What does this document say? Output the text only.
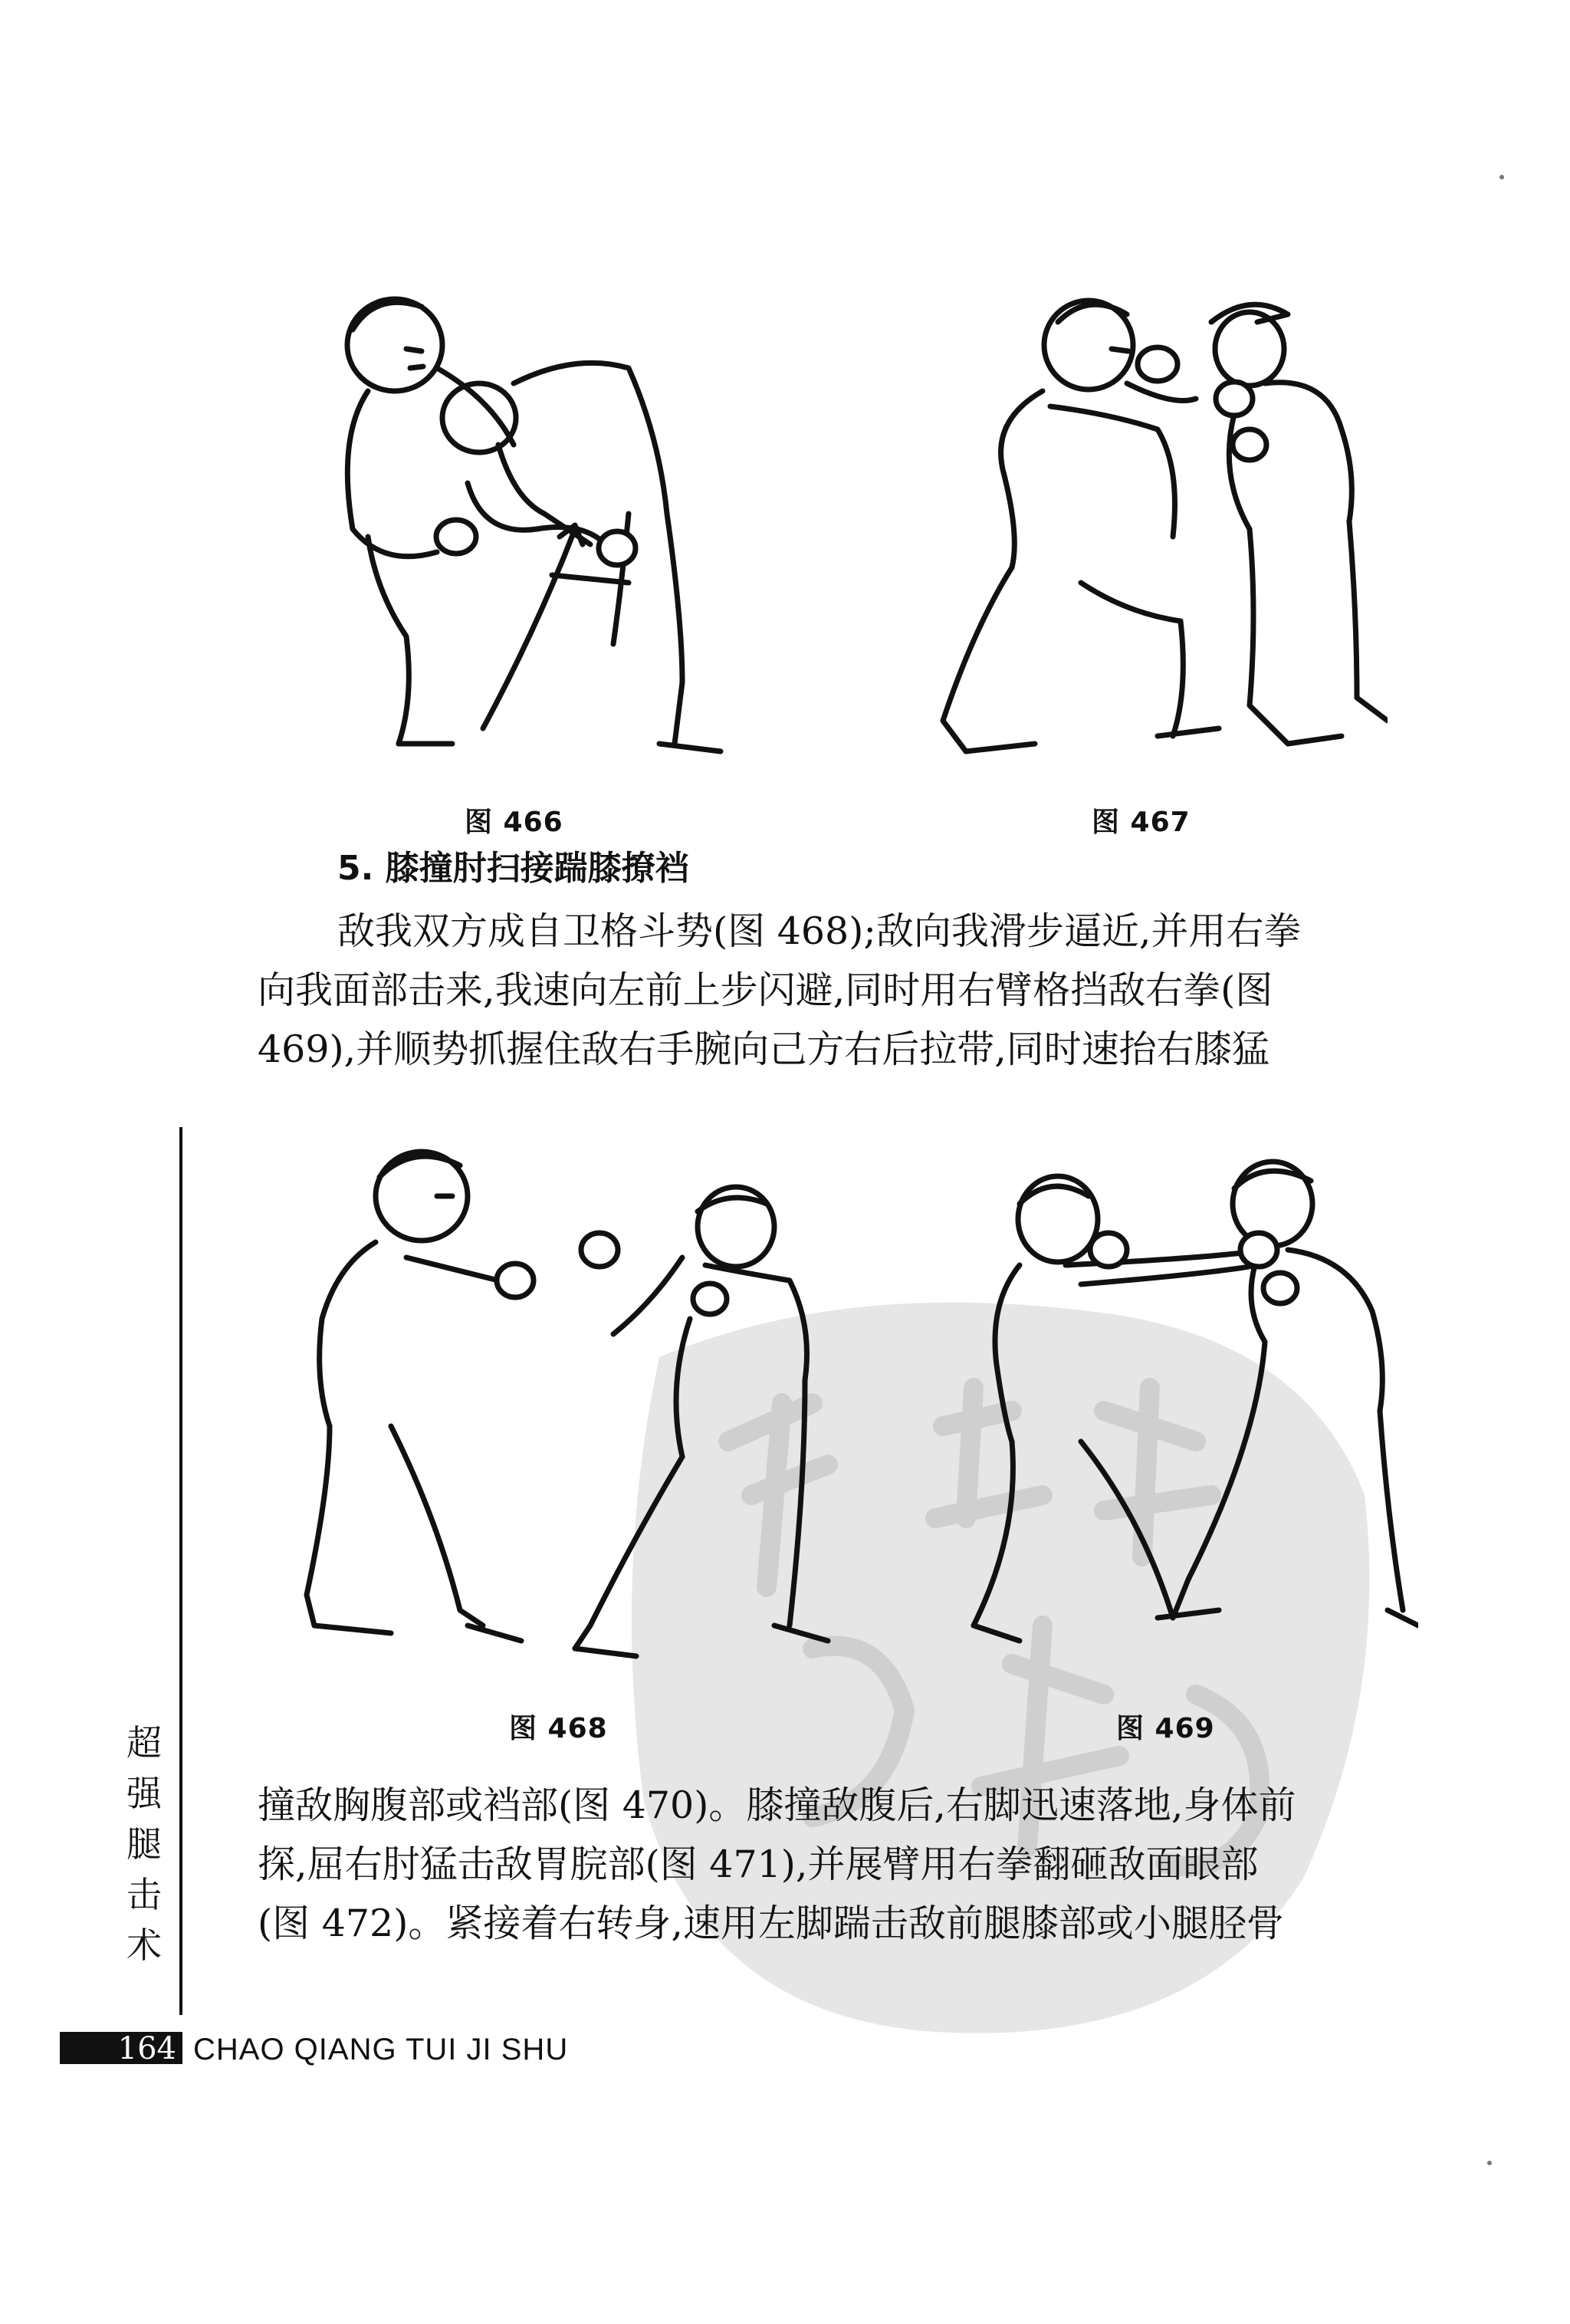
图 466	图 467
5. 膝撞肘扫接踹膝撩裆

敌我双方成自卫格斗势(图 468);敌向我滑步逼近,并用右拳

向我面部击来,我速向左前上步闪避,同时用右臂格挡敌右拳(图

469),并顺势抓握住敌右手腕向己方右后拉带,同时速抬右膝猛

图 468	图 469
超
强
腿
击
术

撞敌胸腹部或裆部(图 470)。膝撞敌腹后,右脚迅速落地,身体前

探,屈右肘猛击敌胃脘部(图 471),并展臂用右拳翻砸敌面眼部

(图 472)。紧接着右转身,速用左脚踹击敌前腿膝部或小腿胫骨

164 CHAO QIANG TUI JI SHU
